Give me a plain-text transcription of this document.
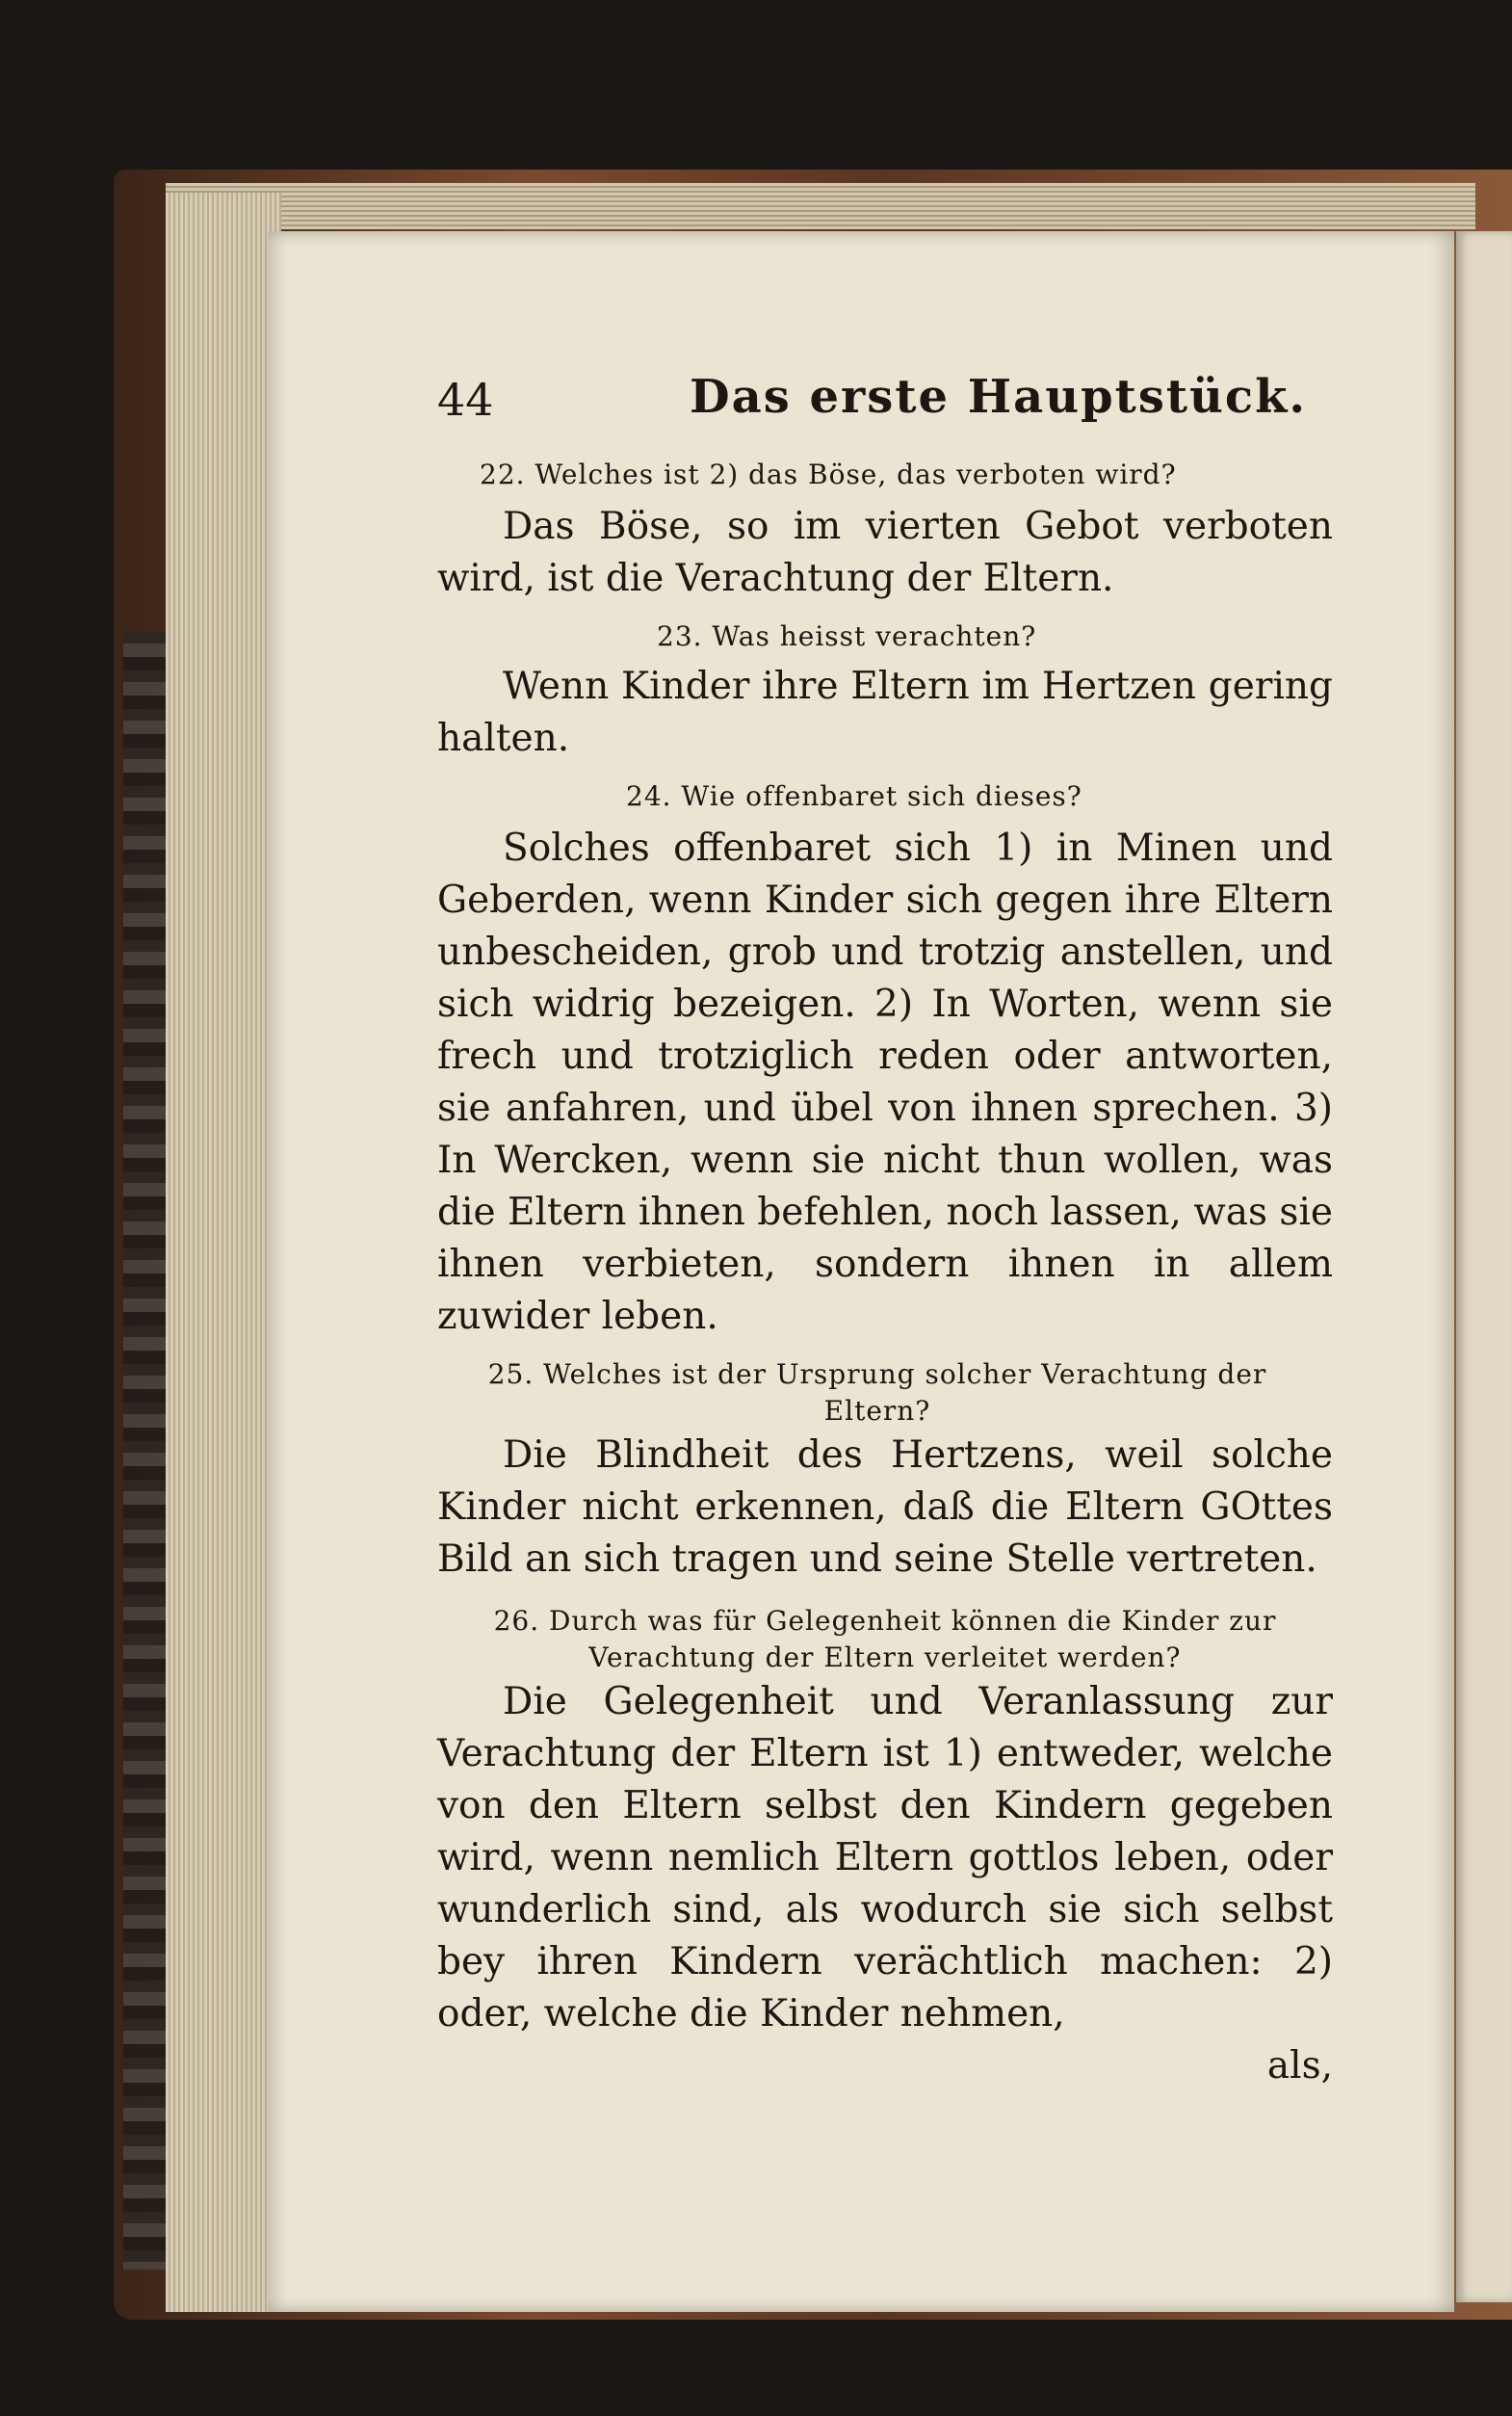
44	Das erste Hauptstück.

22. Welches ist 2) das Böse, das verboten wird?

Das Böse, so im vierten Gebot verboten wird, ist die Verachtung der Eltern.

23. Was heisst verachten?

Wenn Kinder ihre Eltern im Hertzen gering halten.

24. Wie offenbaret sich dieses?

Solches offenbaret sich 1) in Minen und Geberden, wenn Kinder sich gegen ihre Eltern unbescheiden, grob und trotzig anstellen, und sich widrig bezeigen. 2) In Worten, wenn sie frech und trotziglich reden oder antworten, sie anfahren, und übel von ihnen sprechen. 3) In Wercken, wenn sie nicht thun wollen, was die Eltern ihnen befehlen, noch lassen, was sie ihnen verbieten, sondern ihnen in allem zuwider leben.

25. Welches ist der Ursprung solcher Verachtung der Eltern?

Die Blindheit des Hertzens, weil solche Kinder nicht erkennen, daß die Eltern GOttes Bild an sich tragen und seine Stelle vertreten.

26. Durch was für Gelegenheit können die Kinder zur Verachtung der Eltern verleitet werden?

Die Gelegenheit und Veranlassung zur Verachtung der Eltern ist 1) entweder, welche von den Eltern selbst den Kindern gegeben wird, wenn nemlich Eltern gottlos leben, oder wunderlich sind, als wodurch sie sich selbst bey ihren Kindern verächtlich machen: 2) oder, welche die Kinder nehmen,

als,
